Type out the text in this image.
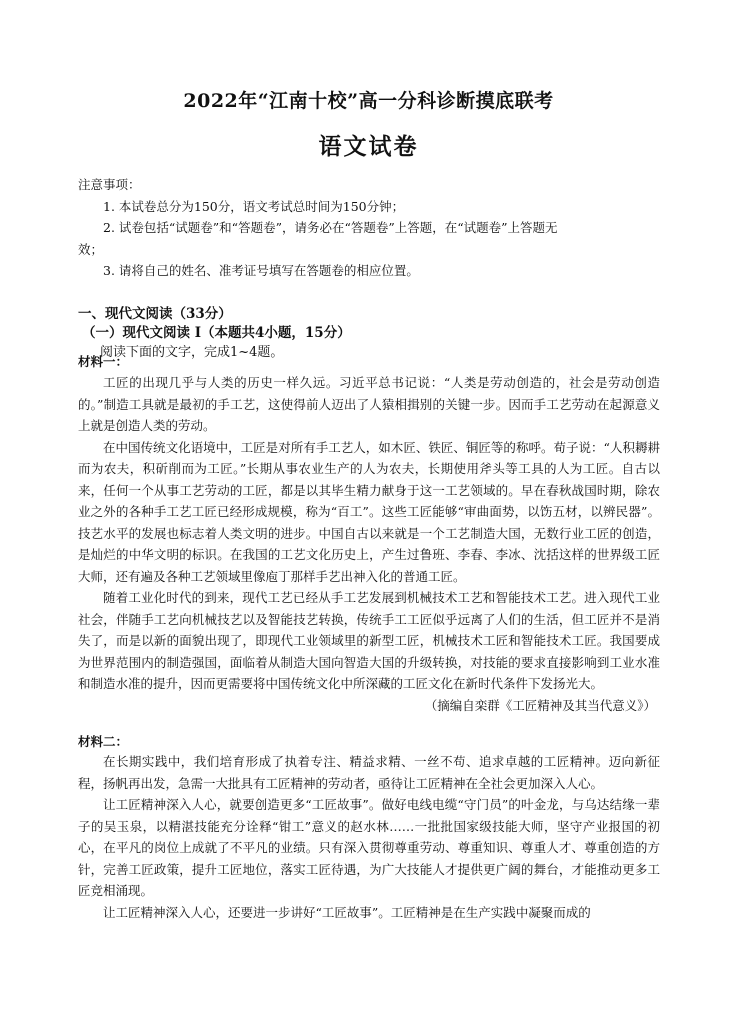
2022年“江南十校”高一分科诊断摸底联考
语文试卷

注意事项：

1. 本试卷总分为150分，语文考试总时间为150分钟；

2. 试卷包括“试题卷”和“答题卷”，请务必在“答题卷”上答题，在“试题卷”上答题无

效；

3. 请将自己的姓名、准考证号填写在答题卷的相应位置。

一、现代文阅读（33分）
（一）现代文阅读 I（本题共4小题，15分）
阅读下面的文字，完成1~4题。
材料一：

工匠的出现几乎与人类的历史一样久远。习近平总书记说：“人类是劳动创造的，社会是劳动创造的。”制造工具就是最初的手工艺，这使得前人迈出了人猿相揖别的关键一步。因而手工艺劳动在起源意义上就是创造人类的劳动。

在中国传统文化语境中，工匠是对所有手工艺人，如木匠、铁匠、铜匠等的称呼。荀子说：“人积耨耕而为农夫，积斫削而为工匠。”长期从事农业生产的人为农夫，长期使用斧头等工具的人为工匠。自古以来，任何一个从事工艺劳动的工匠，都是以其毕生精力献身于这一工艺领域的。早在春秋战国时期，除农业之外的各种手工艺工匠已经形成规模，称为“百工”。这些工匠能够“审曲面势，以饬五材，以辨民器”。技艺水平的发展也标志着人类文明的进步。中国自古以来就是一个工艺制造大国，无数行业工匠的创造，是灿烂的中华文明的标识。在我国的工艺文化历史上，产生过鲁班、李春、李冰、沈括这样的世界级工匠大师，还有遍及各种工艺领域里像庖丁那样手艺出神入化的普通工匠。

随着工业化时代的到来，现代工艺已经从手工艺发展到机械技术工艺和智能技术工艺。进入现代工业社会，伴随手工艺向机械技艺以及智能技艺转换，传统手工工匠似乎远离了人们的生活，但工匠并不是消失了，而是以新的面貌出现了，即现代工业领域里的新型工匠，机械技术工匠和智能技术工匠。我国要成为世界范围内的制造强国，面临着从制造大国向智造大国的升级转换，对技能的要求直接影响到工业水准和制造水准的提升，因而更需要将中国传统文化中所深藏的工匠文化在新时代条件下发扬光大。

（摘编自栾群《工匠精神及其当代意义》）

材料二：

在长期实践中，我们培育形成了执着专注、精益求精、一丝不苟、追求卓越的工匠精神。迈向新征程，扬帆再出发，急需一大批具有工匠精神的劳动者，亟待让工匠精神在全社会更加深入人心。

让工匠精神深入人心，就要创造更多“工匠故事”。做好电线电缆“守门员”的叶金龙，与乌达结缘一辈子的吴玉泉，以精湛技能充分诠释“钳工”意义的赵水林……一批批国家级技能大师，坚守产业报国的初心，在平凡的岗位上成就了不平凡的业绩。只有深入贯彻尊重劳动、尊重知识、尊重人才、尊重创造的方针，完善工匠政策，提升工匠地位，落实工匠待遇，为广大技能人才提供更广阔的舞台，才能推动更多工匠竞相涌现。

让工匠精神深入人心，还要进一步讲好“工匠故事”。工匠精神是在生产实践中凝聚而成的
